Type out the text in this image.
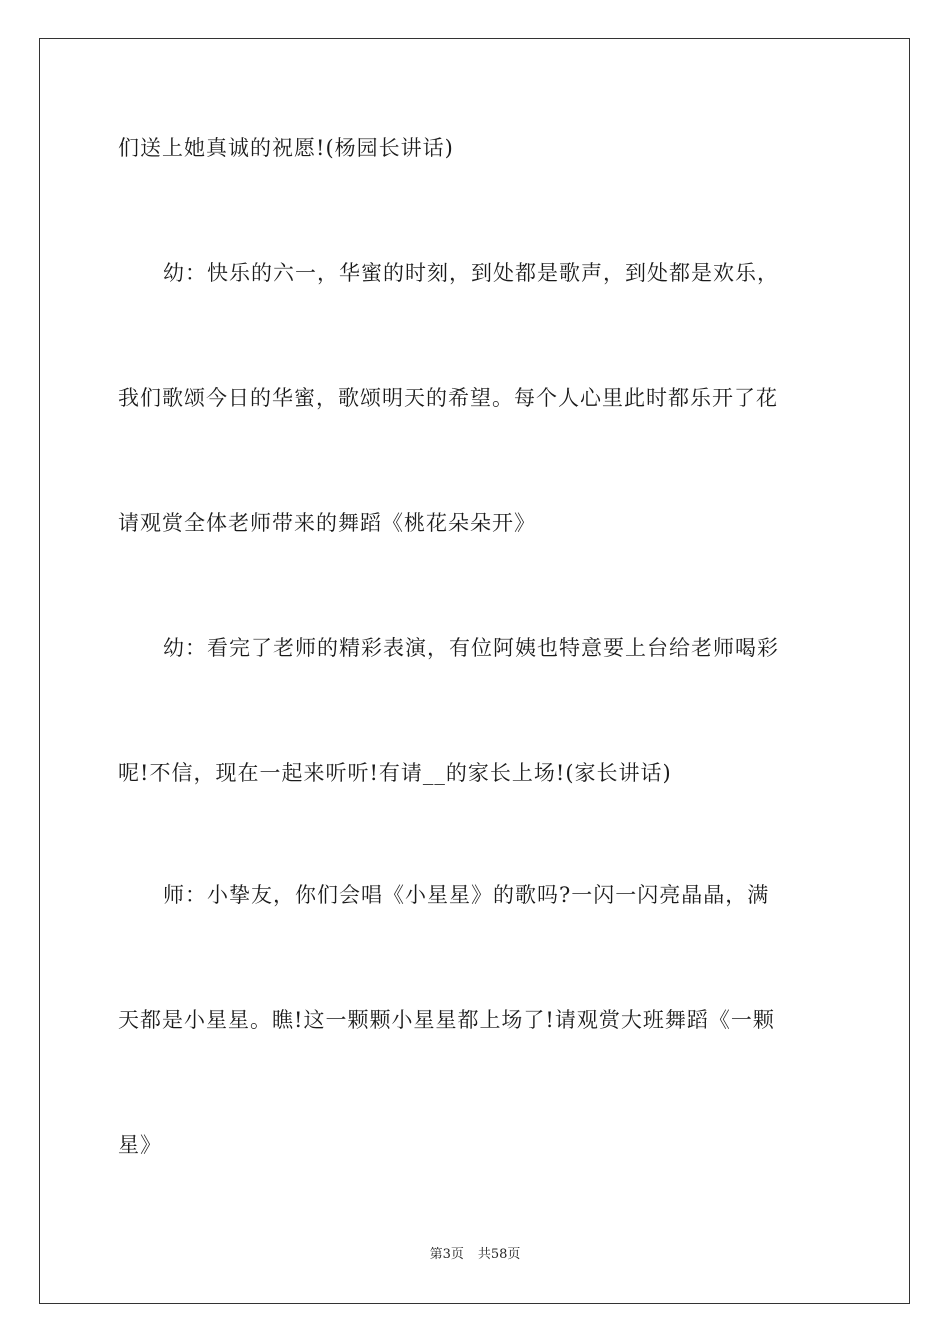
们送上她真诚的祝愿!(杨园长讲话)
幼：快乐的六一，华蜜的时刻，到处都是歌声，到处都是欢乐，
我们歌颂今日的华蜜，歌颂明天的希望。每个人心里此时都乐开了花
请观赏全体老师带来的舞蹈《桃花朵朵开》
幼：看完了老师的精彩表演，有位阿姨也特意要上台给老师喝彩
呢!不信，现在一起来听听!有请__的家长上场!(家长讲话)
师：小挚友，你们会唱《小星星》的歌吗?一闪一闪亮晶晶，满
天都是小星星。瞧!这一颗颗小星星都上场了!请观赏大班舞蹈《一颗
星》
第3页 共58页
